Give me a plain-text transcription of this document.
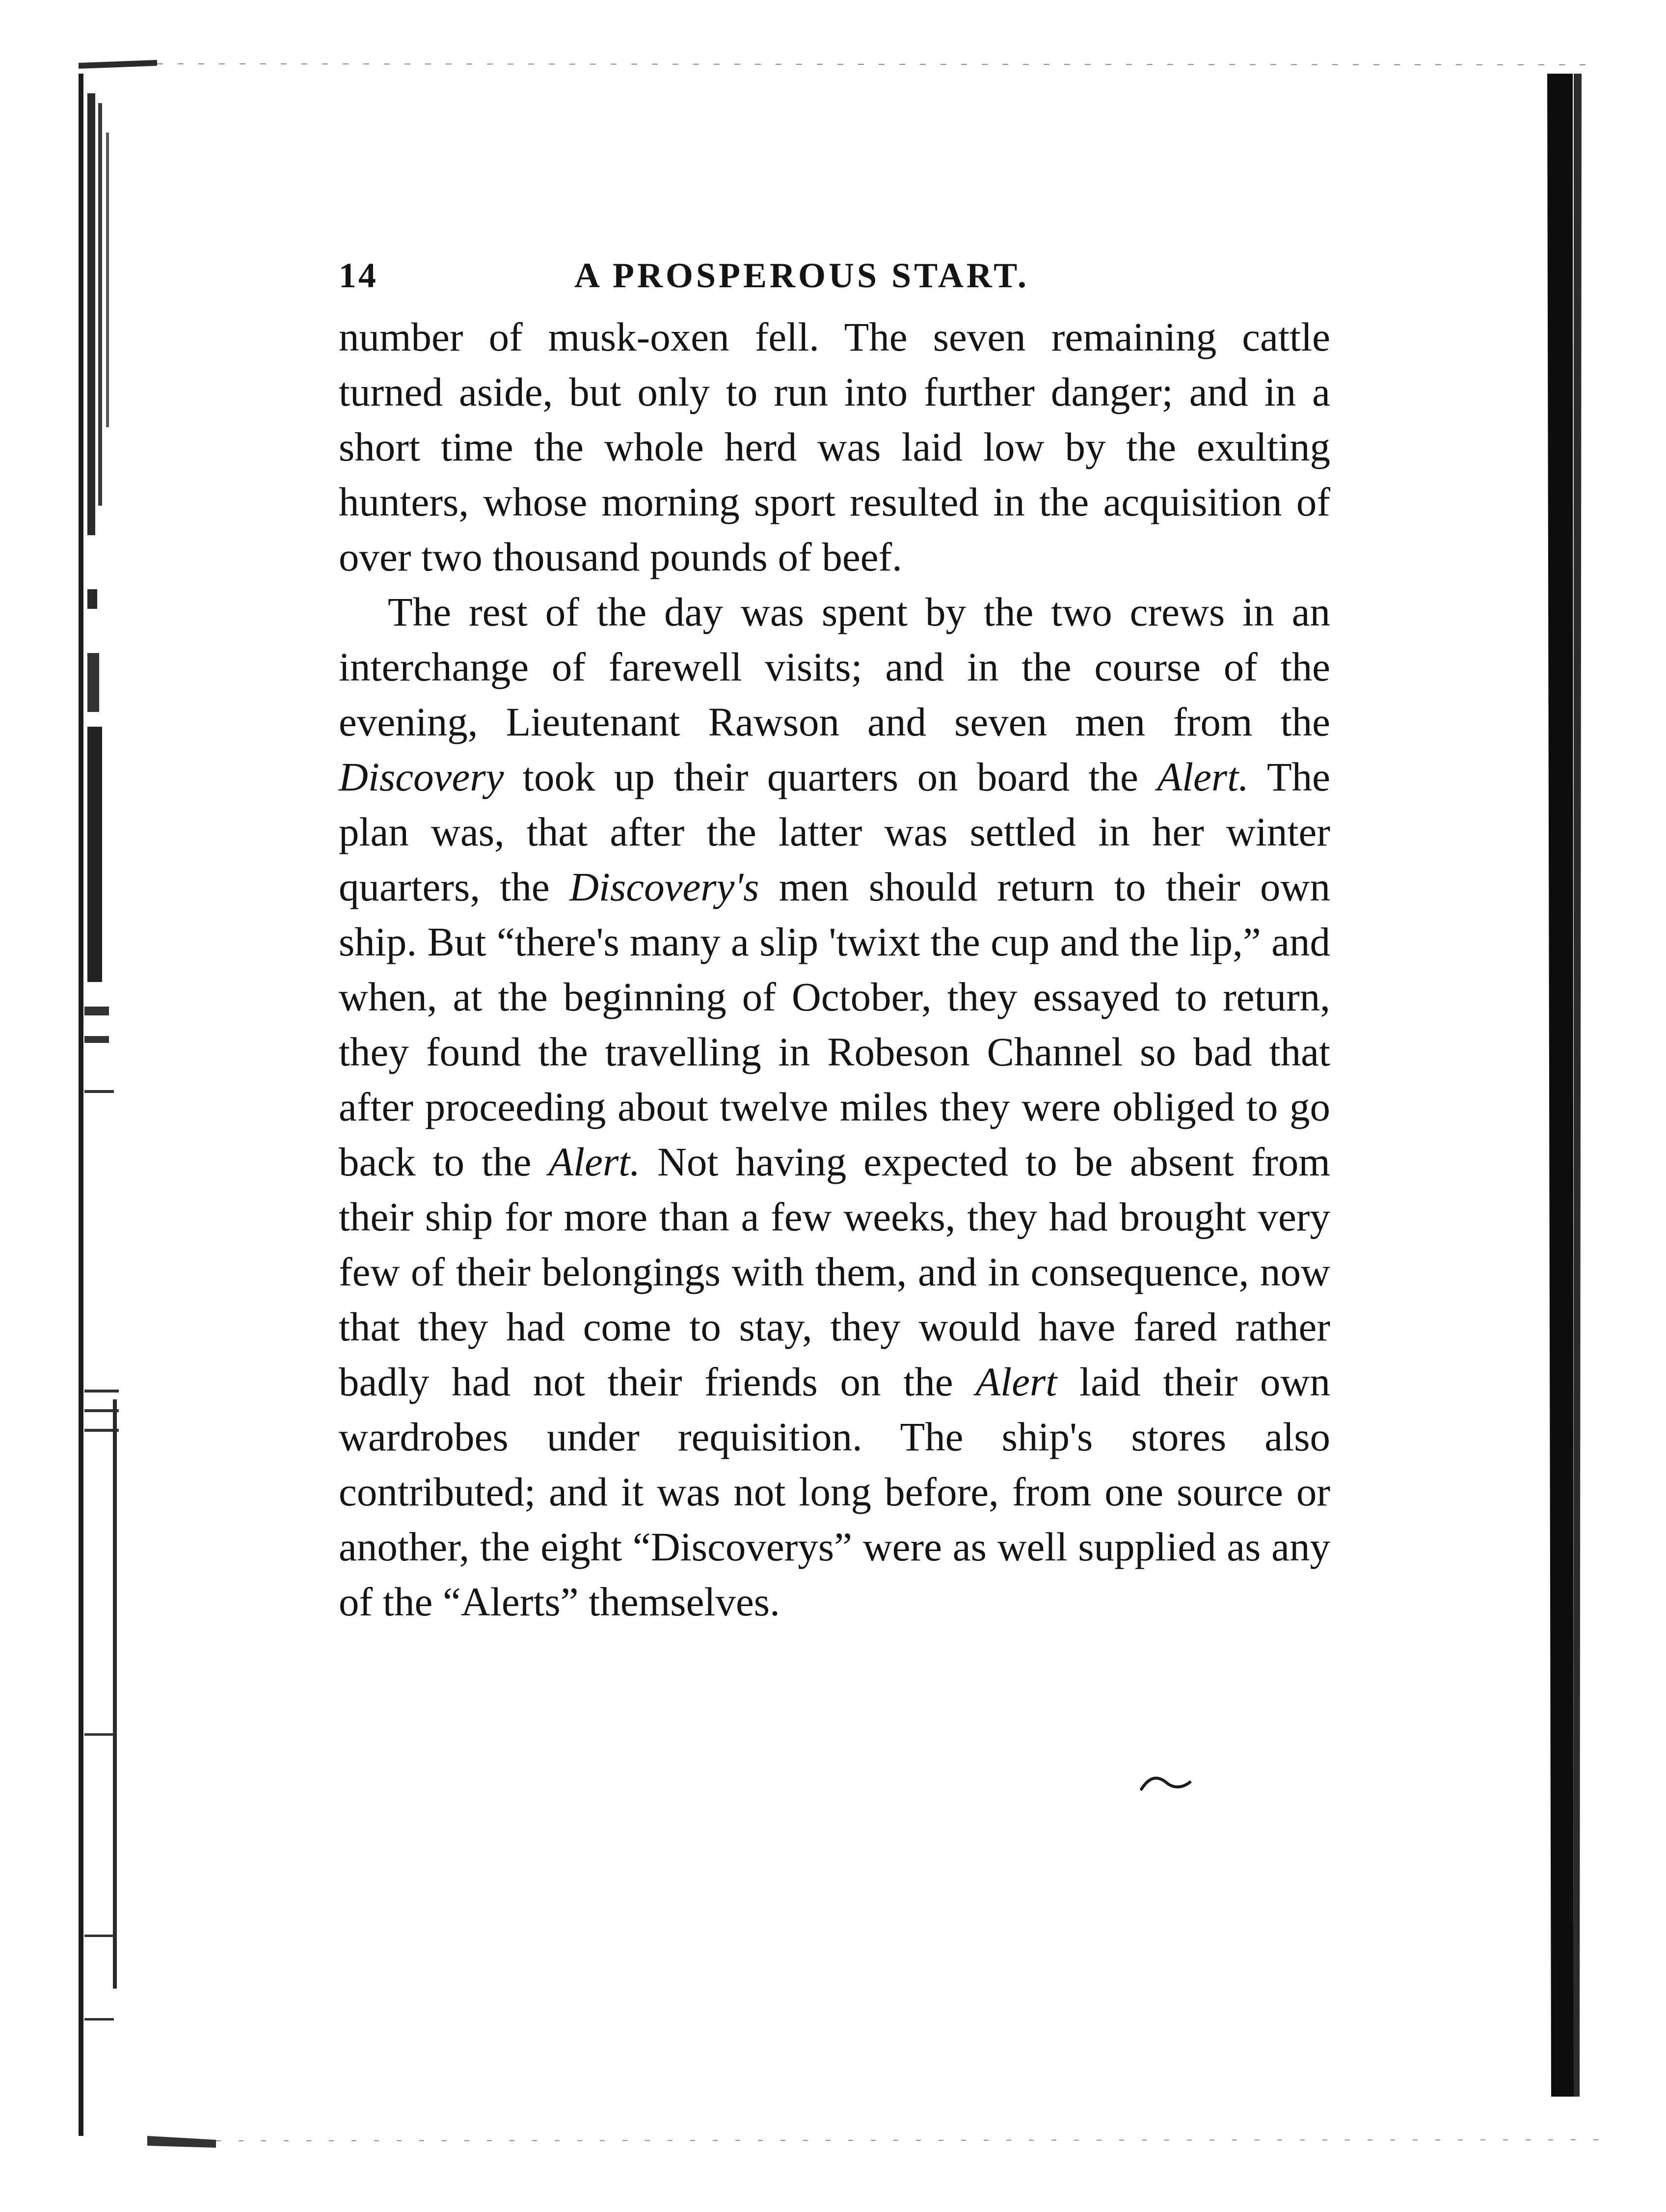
14	A PROSPEROUS START.

number of musk-oxen fell. The seven remaining cattle turned aside, but only to run into further danger; and in a short time the whole herd was laid low by the exulting hunters, whose morning sport resulted in the acquisition of over two thousand pounds of beef.

The rest of the day was spent by the two crews in an interchange of farewell visits; and in the course of the evening, Lieutenant Rawson and seven men from the Discovery took up their quarters on board the Alert. The plan was, that after the latter was settled in her winter quarters, the Discovery's men should return to their own ship. But “there's many a slip 'twixt the cup and the lip,” and when, at the beginning of October, they essayed to return, they found the travelling in Robeson Channel so bad that after proceeding about twelve miles they were obliged to go back to the Alert. Not having expected to be absent from their ship for more than a few weeks, they had brought very few of their belongings with them, and in consequence, now that they had come to stay, they would have fared rather badly had not their friends on the Alert laid their own wardrobes under requisition. The ship's stores also contributed; and it was not long before, from one source or another, the eight “Discoverys” were as well supplied as any of the “Alerts” themselves.
